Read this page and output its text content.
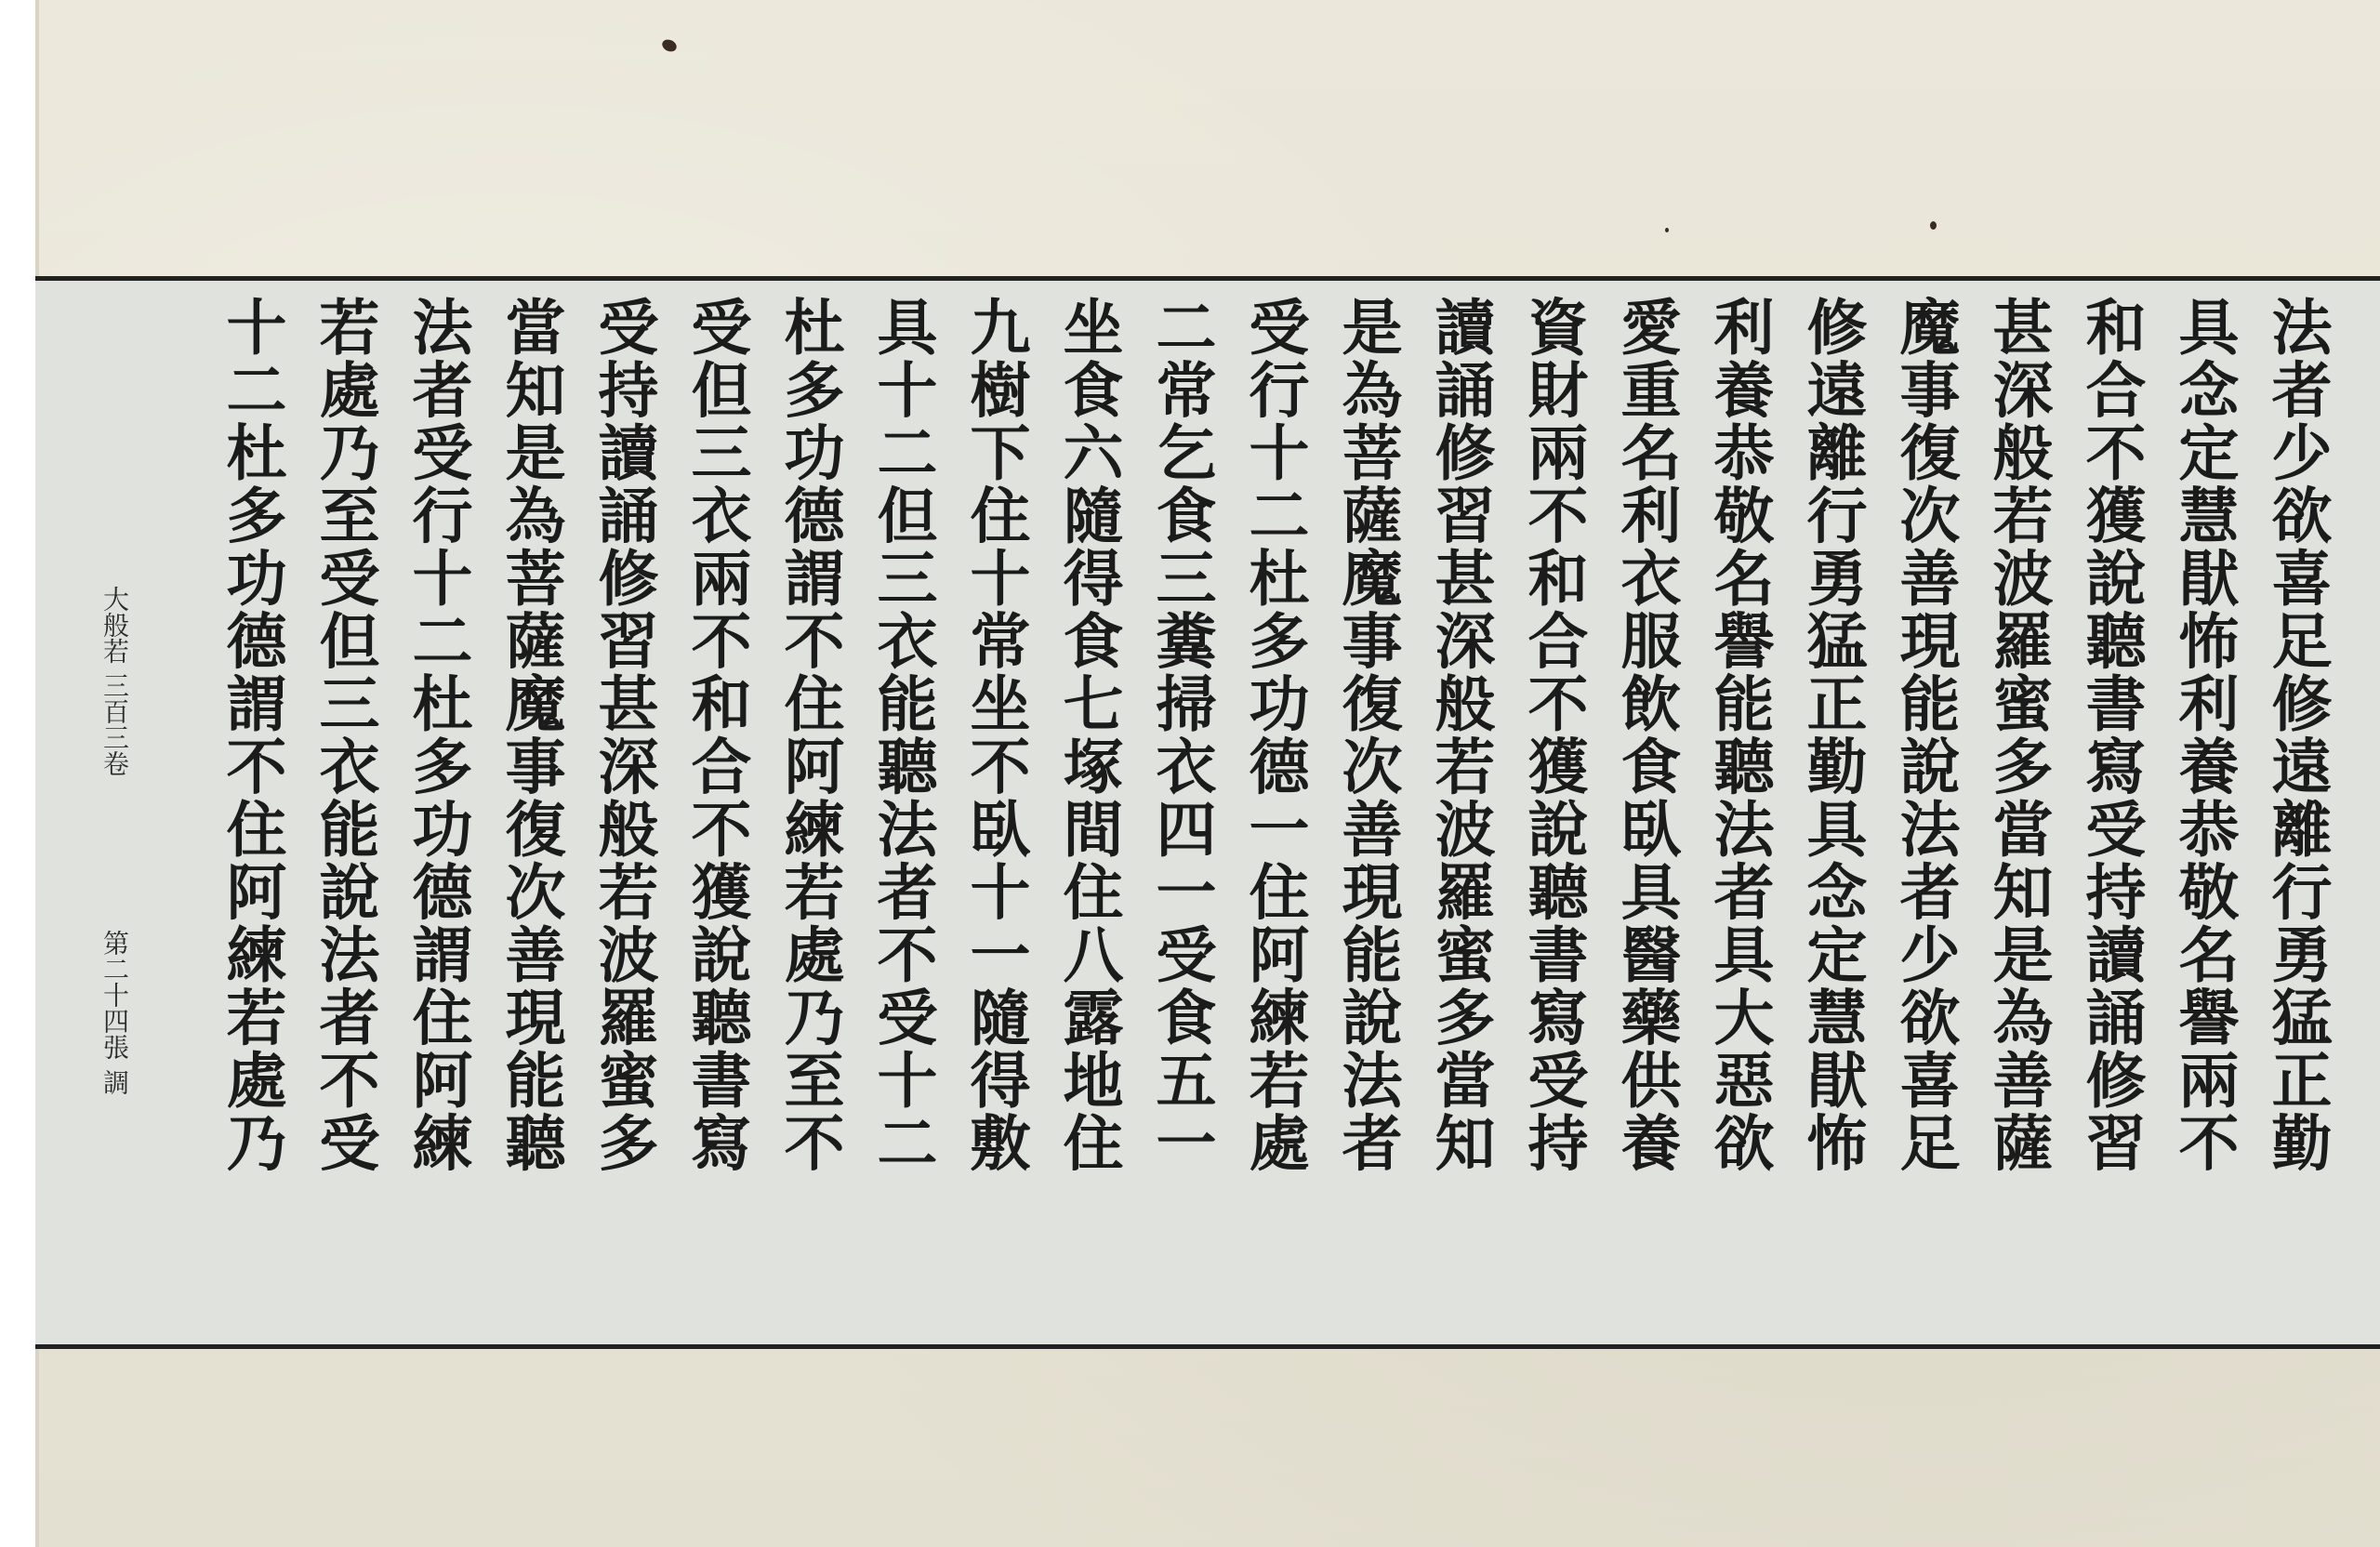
法者少欲喜足修遠離行勇猛正勤
具念定慧猒怖利養恭敬名譽兩不
和合不獲說聽書寫受持讀誦修習
甚深般若波羅蜜多當知是為善薩
魔事復次善現能說法者少欲喜足
修遠離行勇猛正勤具念定慧猒怖
利養恭敬名譽能聽法者具大惡欲
愛重名利衣服飲食臥具醫藥供養
資財兩不和合不獲說聽書寫受持
讀誦修習甚深般若波羅蜜多當知
是為菩薩魔事復次善現能說法者
受行十二杜多功德一住阿練若處
二常乞食三糞掃衣四一受食五一
坐食六隨得食七塚間住八露地住
九樹下住十常坐不臥十一隨得敷
具十二但三衣能聽法者不受十二
杜多功德謂不住阿練若處乃至不
受但三衣兩不和合不獲說聽書寫
受持讀誦修習甚深般若波羅蜜多
當知是為菩薩魔事復次善現能聽
法者受行十二杜多功德謂住阿練
若處乃至受但三衣能說法者不受
十二杜多功德謂不住阿練若處乃
大般若 三百三卷
第二十四張
調
